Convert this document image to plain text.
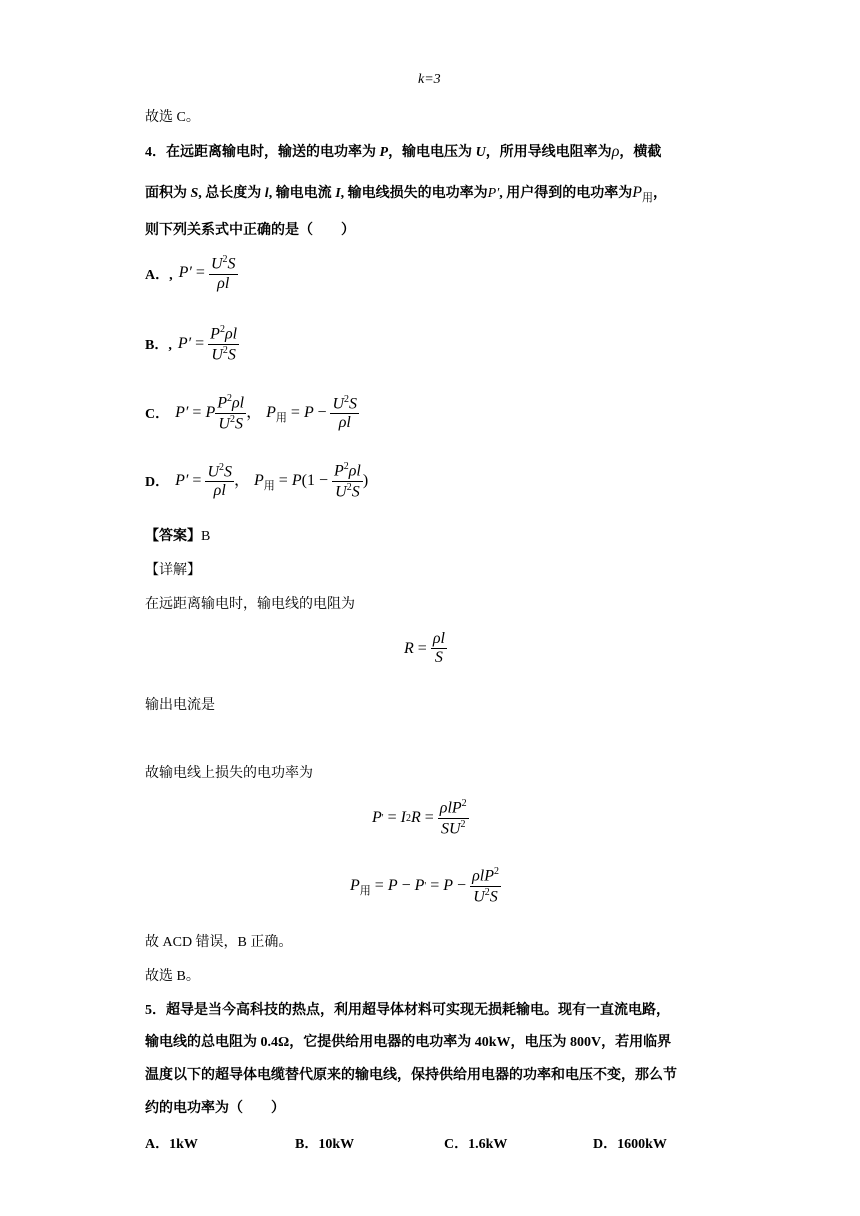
k=3
故选 C。
4．在远距离输电时，输送的电功率为 P，输电电压为 U，所用导线电阻率为ρ，横截
面积为 S, 总长度为 l, 输电电流 I, 输电线损失的电功率为P′, 用户得到的电功率为$P_用$，
则下列关系式中正确的是（　　）
A．, $P' = \frac{U^2S}{\rho l}$
B．, $P' = \frac{P^2\rho l}{U^2S}$
C． P′ = P $\frac{P^2\rho l}{U^2S}$ ， $P_用 = P - \frac{U^2S}{\rho l}$
D． $P' = \frac{U^2S}{\rho l}$ ， $P_用 = P(1 - \frac{P^2\rho l}{U^2S}$ )
【答案】B
【详解】
在远距离输电时，输电线的电阻为
$R = \frac{\rho l}{S}$
输出电流是
故输电线上损失的电功率为
P ' = I 2 $R = \frac{\rho lP^2}{SU^2}$
P 用 = P − P ' = $P - \frac{\rho lP^2}{U^2S}$
故 ACD 错误，B 正确。
故选 B。
5．超导是当今高科技的热点，利用超导体材料可实现无损耗输电。现有一直流电路，
输电线的总电阻为 0.4Ω，它提供给用电器的电功率为 40kW，电压为 800V，若用临界
温度以下的超导体电缆替代原来的输电线，保持供给用电器的功率和电压不变，那么节
约的电功率为（　　）
A．1kW	B．10kW	C．1.6kW	D．1600kW
